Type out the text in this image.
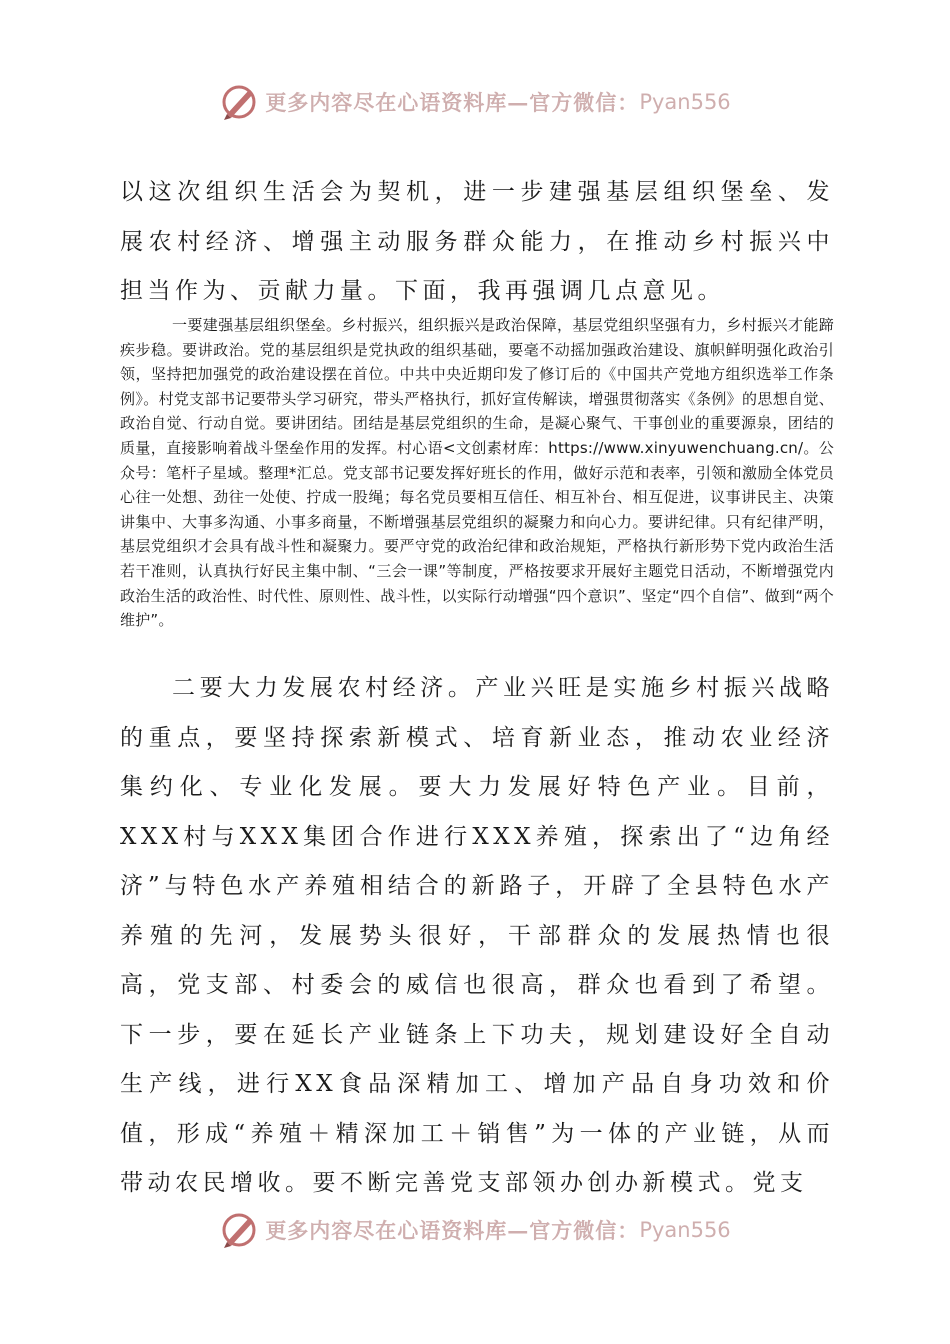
更多内容尽在心语资料库—官方微信： Pyan556

以这次组织生活会为契机，进一步建强基层组织堡垒、发展农村经济、增强主动服务群众能力，在推动乡村振兴中担当作为、贡献力量。下面，我再强调几点意见。

一要建强基层组织堡垒。乡村振兴，组织振兴是政治保障，基层党组织坚强有力，乡村振兴才能蹄疾步稳。要讲政治。党的基层组织是党执政的组织基础，要毫不动摇加强政治建设、旗帜鲜明强化政治引领，坚持把加强党的政治建设摆在首位。中共中央近期印发了修订后的《中国共产党地方组织选举工作条例》。村党支部书记要带头学习研究，带头严格执行，抓好宣传解读，增强贯彻落实《条例》的思想自觉、政治自觉、行动自觉。要讲团结。团结是基层党组织的生命，是凝心聚气、干事创业的重要源泉，团结的质量，直接影响着战斗堡垒作用的发挥。村心语<文创素材库：https://www.xinyuwenchuang.cn/。公众号：笔杆子星域。整理*汇总。党支部书记要发挥好班长的作用，做好示范和表率，引领和激励全体党员心往一处想、劲往一处使、拧成一股绳；每名党员要相互信任、相互补台、相互促进，议事讲民主、决策讲集中、大事多沟通、小事多商量，不断增强基层党组织的凝聚力和向心力。要讲纪律。只有纪律严明，基层党组织才会具有战斗性和凝聚力。要严守党的政治纪律和政治规矩，严格执行新形势下党内政治生活若干准则，认真执行好民主集中制、“三会一课”等制度，严格按要求开展好主题党日活动，不断增强党内政治生活的政治性、时代性、原则性、战斗性，以实际行动增强“四个意识”、坚定“四个自信”、做到“两个维护”。

二要大力发展农村经济。产业兴旺是实施乡村振兴战略的重点，要坚持探索新模式、培育新业态，推动农业经济集约化、专业化发展。要大力发展好特色产业。目前，XXX村与XXX集团合作进行XXX养殖，探索出了“边角经济”与特色水产养殖相结合的新路子，开辟了全县特色水产养殖的先河，发展势头很好，干部群众的发展热情也很高，党支部、村委会的威信也很高，群众也看到了希望。下一步，要在延长产业链条上下功夫，规划建设好全自动生产线，进行XX食品深精加工、增加产品自身功效和价值，形成“养殖＋精深加工＋销售”为一体的产业链，从而带动农民增收。要不断完善党支部领办创办新模式。党支

更多内容尽在心语资料库—官方微信： Pyan556
